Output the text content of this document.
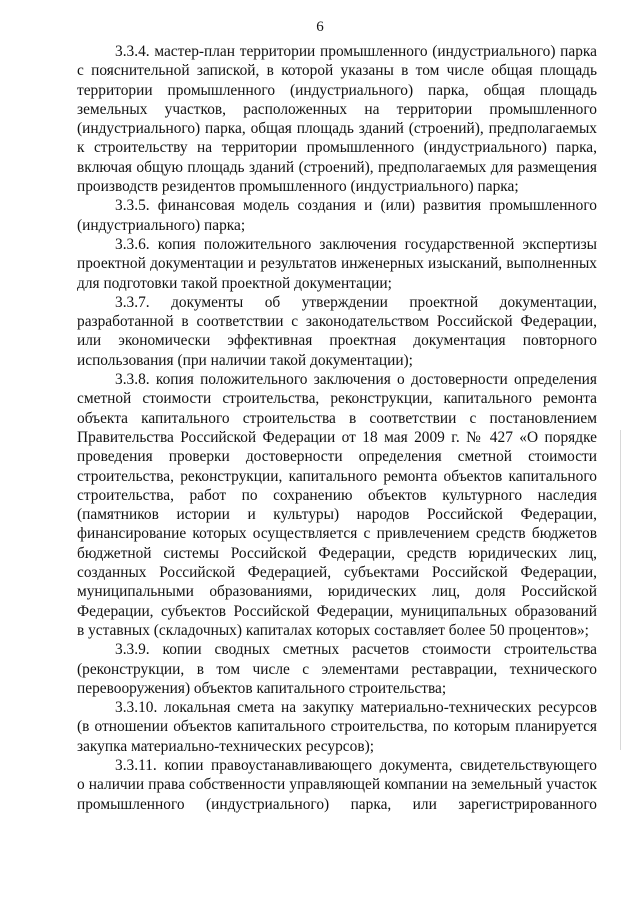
6
3.3.4. мастер-план территории промышленного (индустриального) парка
с пояснительной запиской, в которой указаны в том числе общая площадь
территории промышленного (индустриального) парка, общая площадь
земельных участков, расположенных на территории промышленного
(индустриального) парка, общая площадь зданий (строений), предполагаемых
к строительству на территории промышленного (индустриального) парка,
включая общую площадь зданий (строений), предполагаемых для размещения
производств резидентов промышленного (индустриального) парка;
3.3.5. финансовая модель создания и (или) развития промышленного
(индустриального) парка;
3.3.6. копия положительного заключения государственной экспертизы
проектной документации и результатов инженерных изысканий, выполненных
для подготовки такой проектной документации;
3.3.7. документы об утверждении проектной документации,
разработанной в соответствии с законодательством Российской Федерации,
или экономически эффективная проектная документация повторного
использования (при наличии такой документации);
3.3.8. копия положительного заключения о достоверности определения
сметной стоимости строительства, реконструкции, капитального ремонта
объекта капитального строительства в соответствии с постановлением
Правительства Российской Федерации от 18 мая 2009 г. № 427 «О порядке
проведения проверки достоверности определения сметной стоимости
строительства, реконструкции, капитального ремонта объектов капитального
строительства, работ по сохранению объектов культурного наследия
(памятников истории и культуры) народов Российской Федерации,
финансирование которых осуществляется с привлечением средств бюджетов
бюджетной системы Российской Федерации, средств юридических лиц,
созданных Российской Федерацией, субъектами Российской Федерации,
муниципальными образованиями, юридических лиц, доля Российской
Федерации, субъектов Российской Федерации, муниципальных образований
в уставных (складочных) капиталах которых составляет более 50 процентов»;
3.3.9. копии сводных сметных расчетов стоимости строительства
(реконструкции, в том числе с элементами реставрации, технического
перевооружения) объектов капитального строительства;
3.3.10. локальная смета на закупку материально-технических ресурсов
(в отношении объектов капитального строительства, по которым планируется
закупка материально-технических ресурсов);
3.3.11. копии правоустанавливающего документа, свидетельствующего
о наличии права собственности управляющей компании на земельный участок
промышленного (индустриального) парка, или зарегистрированного
